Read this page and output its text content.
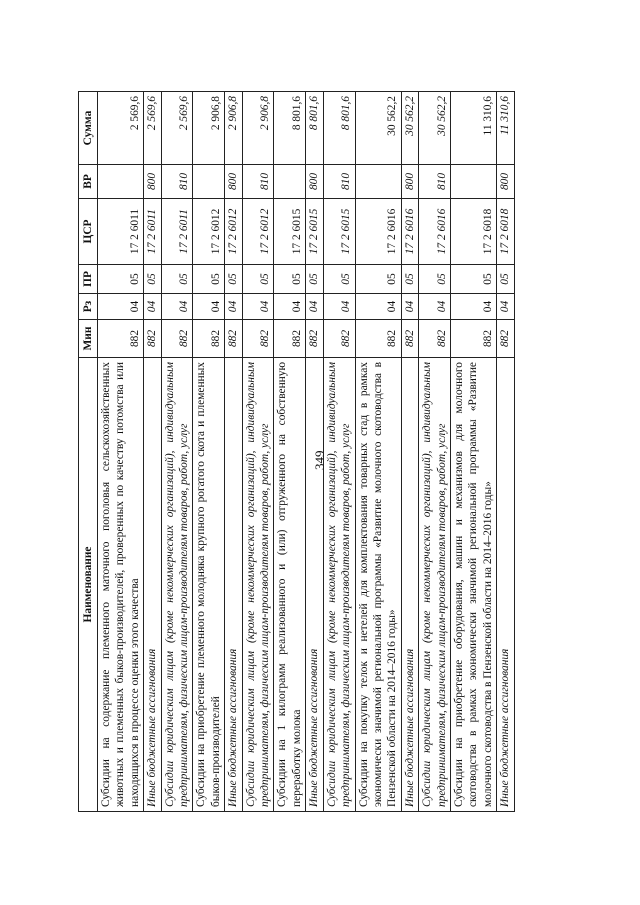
349
Наименование	Мин	Рз	ПР	ЦСР	ВР	Сумма
Субсидии на содержание племенного маточного поголовья сельскохозяйственных животных и племенных быков-производителей, проверенных по качеству потомства или находящихся в процессе оценки этого качества	882	04	05	17 2 6011		2 569,6
Иные бюджетные ассигнования	882	04	05	17 2 6011	800	2 569,6
Субсидии юридическим лицам (кроме некоммерческих организаций), индивидуальным предпринимателям, физическим лицам-производителям товаров, работ, услуг	882	04	05	17 2 6011	810	2 569,6
Субсидии на приобретение племенного молодняка крупного рогатого скота и племенных быков-производителей	882	04	05	17 2 6012		2 906,8
Иные бюджетные ассигнования	882	04	05	17 2 6012	800	2 906,8
Субсидии юридическим лицам (кроме некоммерческих организаций), индивидуальным предпринимателям, физическим лицам-производителям товаров, работ, услуг	882	04	05	17 2 6012	810	2 906,8
Субсидии на 1 килограмм реализованного и (или) отгруженного на собственную переработку молока	882	04	05	17 2 6015		8 801,6
Иные бюджетные ассигнования	882	04	05	17 2 6015	800	8 801,6
Субсидии юридическим лицам (кроме некоммерческих организаций), индивидуальным предпринимателям, физическим лицам-производителям товаров, работ, услуг	882	04	05	17 2 6015	810	8 801,6
Субсидии на покупку телок и нетелей для комплектования товарных стад в рамках экономически значимой региональной программы «Развитие молочного скотоводства в Пензенской области на 2014–2016 годы»	882	04	05	17 2 6016		30 562,2
Иные бюджетные ассигнования	882	04	05	17 2 6016	800	30 562,2
Субсидии юридическим лицам (кроме некоммерческих организаций), индивидуальным предпринимателям, физическим лицам-производителям товаров, работ, услуг	882	04	05	17 2 6016	810	30 562,2
Субсидии на приобретение оборудования, машин и механизмов для молочного скотоводства в рамках экономически значимой региональной программы «Развитие молочного скотоводства в Пензенской области на 2014–2016 годы»	882	04	05	17 2 6018		11 310,6
Иные бюджетные ассигнования	882	04	05	17 2 6018	800	11 310,6
